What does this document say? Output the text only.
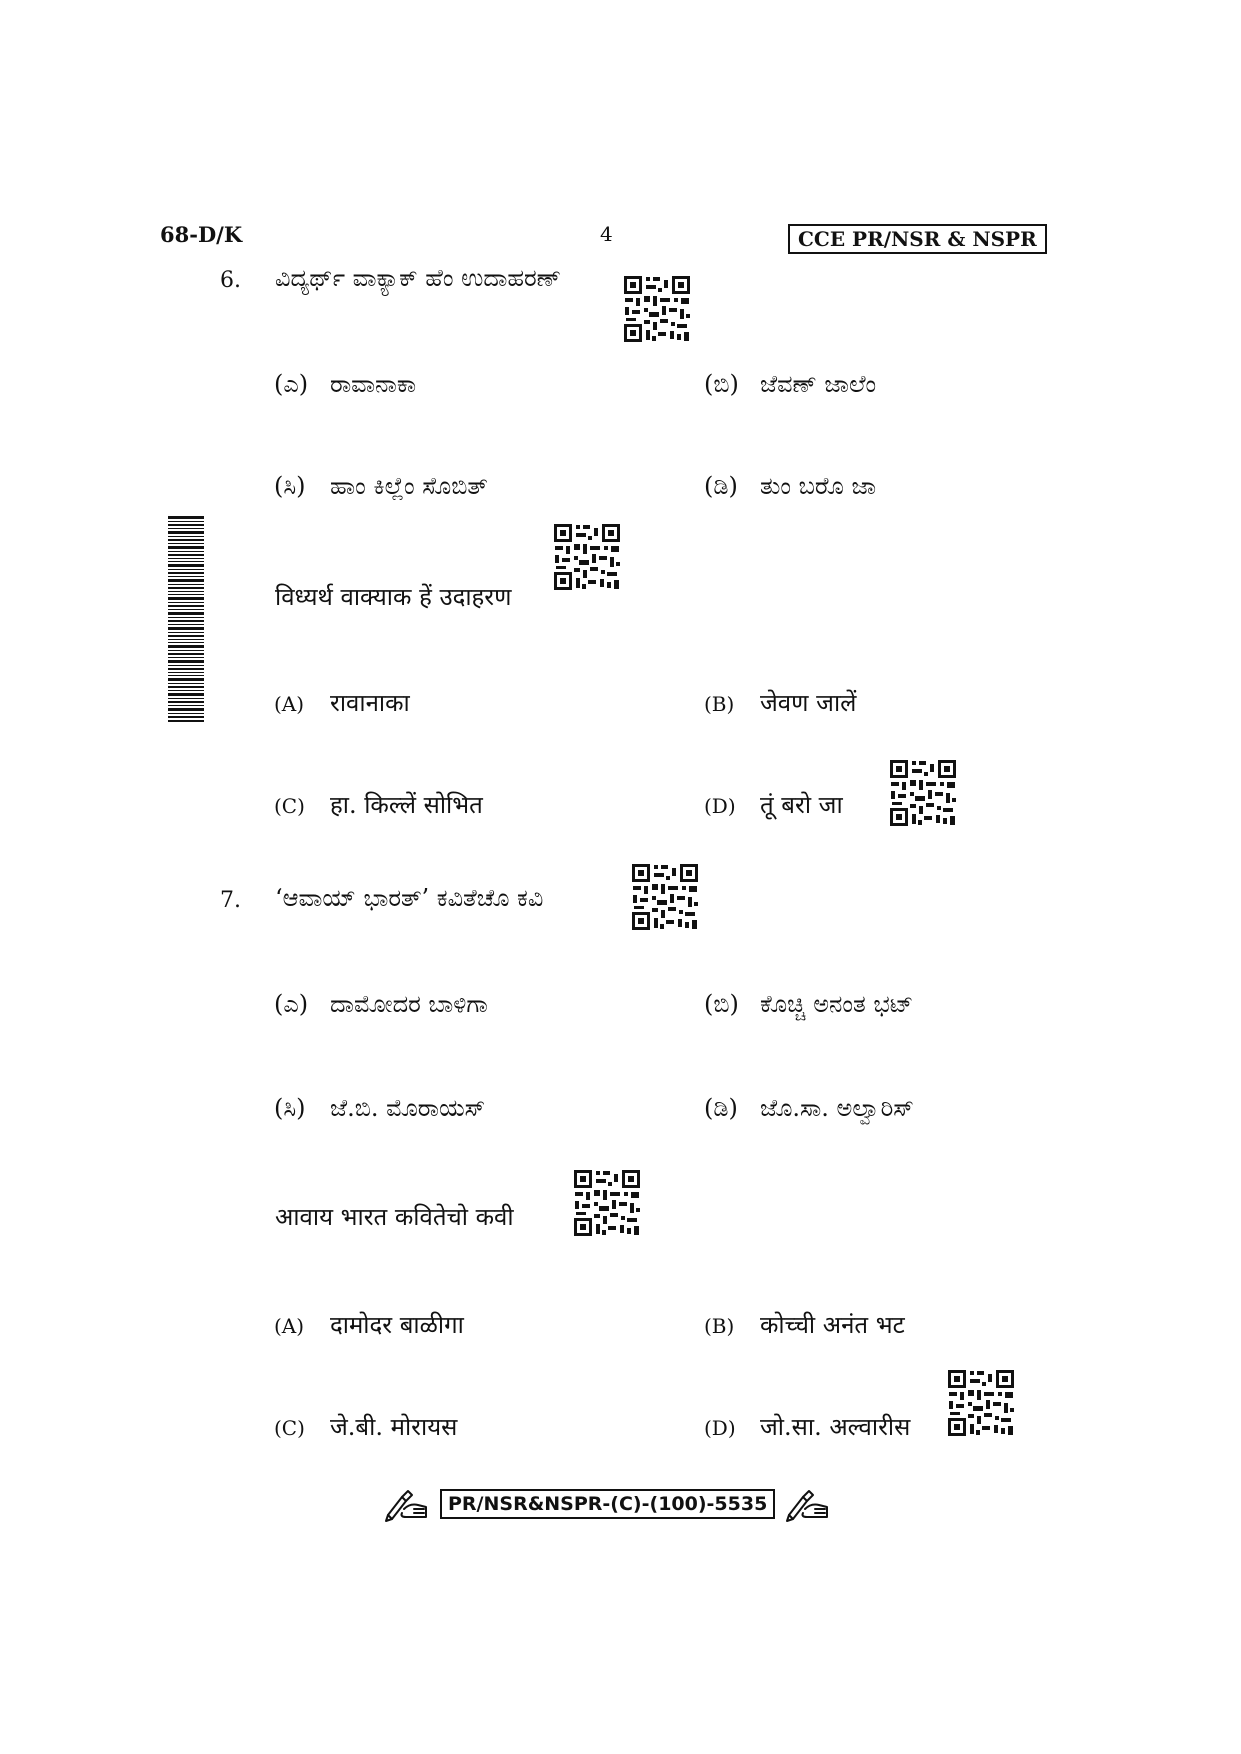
68-D/K	4	CCE PR/NSR & NSPR
6. ವಿದ್ಯರ್ಥ್ ವಾಕ್ಯಾಕ್ ಹೆಂ ಉದಾಹರಣ್
(ಎ) ರಾವಾನಾಕಾ	(ಬಿ) ಜೆವಣ್ ಜಾಲೆಂ
(ಸಿ) ಹಾಂ ಕಿಲ್ಲೆಂ ಸೊಬಿತ್	(ಡಿ) ತುಂ ಬರೊ ಜಾ
विध्यर्थ वाक्याक हें उदाहरण
(A) रावानाका	(B) जेवण जालें
(C) हा. किल्लें सोभित	(D) तूं बरो जा
7. ‘ಆವಾಯ್ ಭಾರತ್’ ಕವಿತೆಚೊ ಕವಿ
(ಎ) ದಾಮೋದರ ಬಾಳಿಗಾ	(ಬಿ) ಕೊಚ್ಚಿ ಅನಂತ ಭಟ್
(ಸಿ) ಜೆ.ಬಿ. ಮೊರಾಯಸ್	(ಡಿ) ಜೊ.ಸಾ. ಅಲ್ವಾರಿಸ್
आवाय भारत कवितेचो कवी
(A) दामोदर बाळीगा	(B) कोच्ची अनंत भट
(C) जे.बी. मोरायस	(D) जो.सा. अल्वारीस
PR/NSR&NSPR-(C)-(100)-5535
